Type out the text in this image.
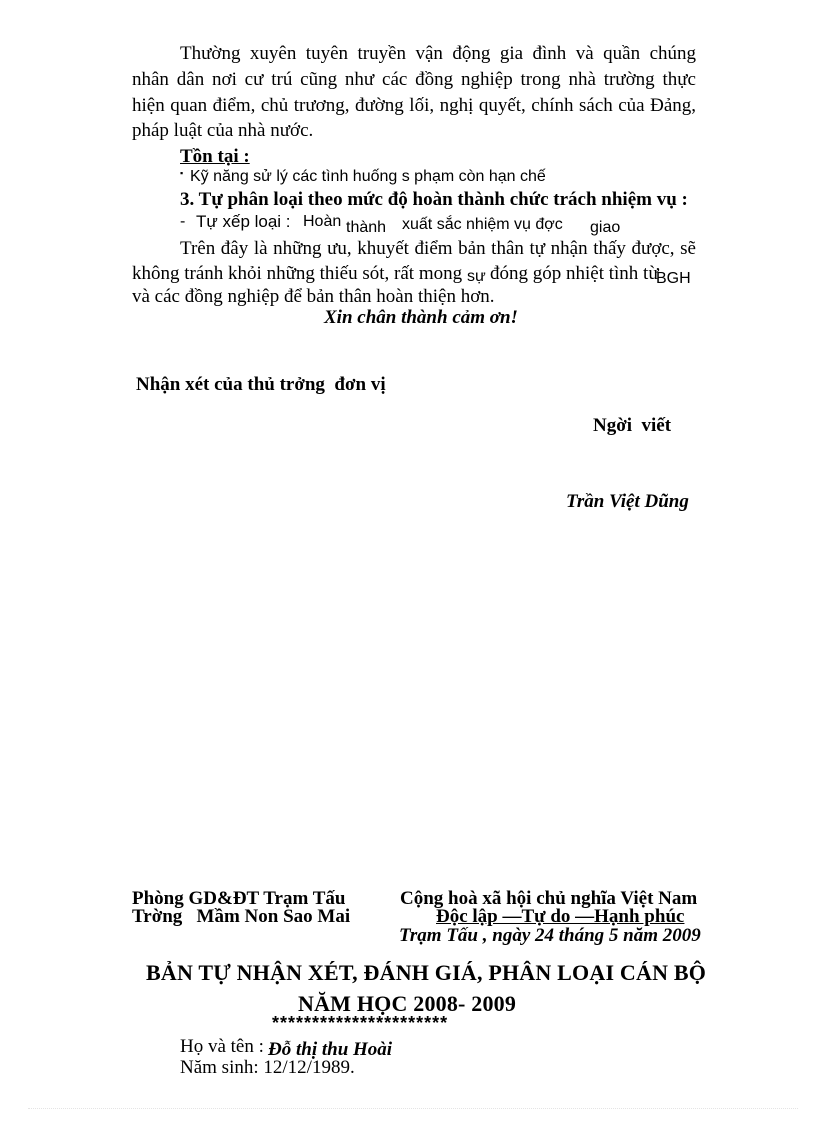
Thường xuyên tuyên truyền vận động gia đình và quần chúng
nhân dân nơi cư trú cũng như các đồng nghiệp trong nhà trường thực
hiện quan điểm, chủ trương, đường lối, nghị quyết, chính sách của Đảng,
pháp luật của nhà nước.
Tồn tại :
▪ Kỹ năng sử lý các tình huống s phạm còn hạn chế
3. Tự phân loại theo mức độ hoàn thành chức trách nhiệm vụ :
- Tự xếp loại : Hoàn thành xuất sắc nhiệm vụ đợc giao
Trên đây là những ưu, khuyết điểm bản thân tự nhận thấy được, sẽ
không tránh khỏi những thiếu sót, rất mong sự đóng góp nhiệt tình từ
BGH
và các đồng nghiệp để bản thân hoàn thiện hơn.
Xin chân thành cảm ơn!
Nhận xét của thủ trởng  đơn vị
Ngời  viết
Trần Việt Dũng
Phòng GD&ĐT Trạm Tấu
Trờng   Mầm Non Sao Mai
Cộng hoà xã hội chủ nghĩa Việt Nam
Độc lập —Tự do —Hạnh phúc
Trạm Tấu , ngày 24 tháng 5 năm 2009
BẢN TỰ NHẬN XÉT, ĐÁNH GIÁ, PHÂN LOẠI CÁN BỘ
NĂM HỌC 2008- 2009
**********************
Họ và tên : Đỗ thị thu Hoài
Năm sinh: 12/12/1989.
